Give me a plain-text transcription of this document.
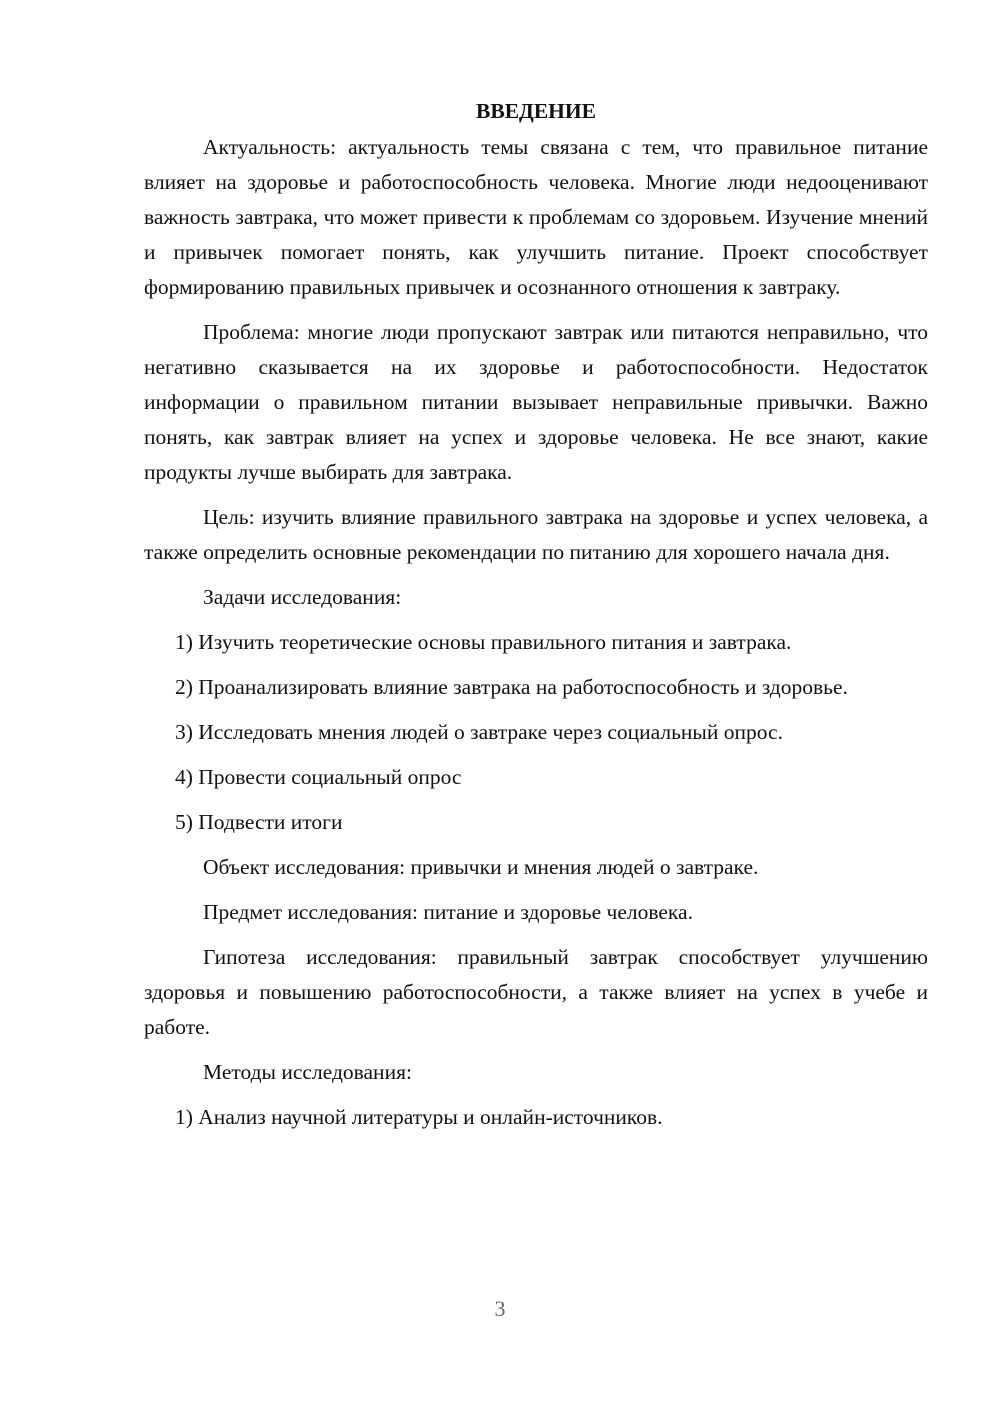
ВВЕДЕНИЕ

Актуальность: актуальность темы связана с тем, что правильное питание влияет на здоровье и работоспособность человека. Многие люди недооценивают важность завтрака, что может привести к проблемам со здоровьем. Изучение мнений и привычек помогает понять, как улучшить питание. Проект способствует формированию правильных привычек и осознанного отношения к завтраку.

Проблема: многие люди пропускают завтрак или питаются неправильно, что негативно сказывается на их здоровье и работоспособности. Недостаток информации о правильном питании вызывает неправильные привычки. Важно понять, как завтрак влияет на успех и здоровье человека. Не все знают, какие продукты лучше выбирать для завтрака.

Цель: изучить влияние правильного завтрака на здоровье и успех человека, а также определить основные рекомендации по питанию для хорошего начала дня.

Задачи исследования:

1) Изучить теоретические основы правильного питания и завтрака.

2) Проанализировать влияние завтрака на работоспособность и здоровье.

3) Исследовать мнения людей о завтраке через социальный опрос.

4) Провести социальный опрос

5) Подвести итоги

Объект исследования: привычки и мнения людей о завтраке.

Предмет исследования: питание и здоровье человека.

Гипотеза исследования: правильный завтрак способствует улучшению здоровья и повышению работоспособности, а также влияет на успех в учебе и работе.

Методы исследования:

1) Анализ научной литературы и онлайн-источников.

3
